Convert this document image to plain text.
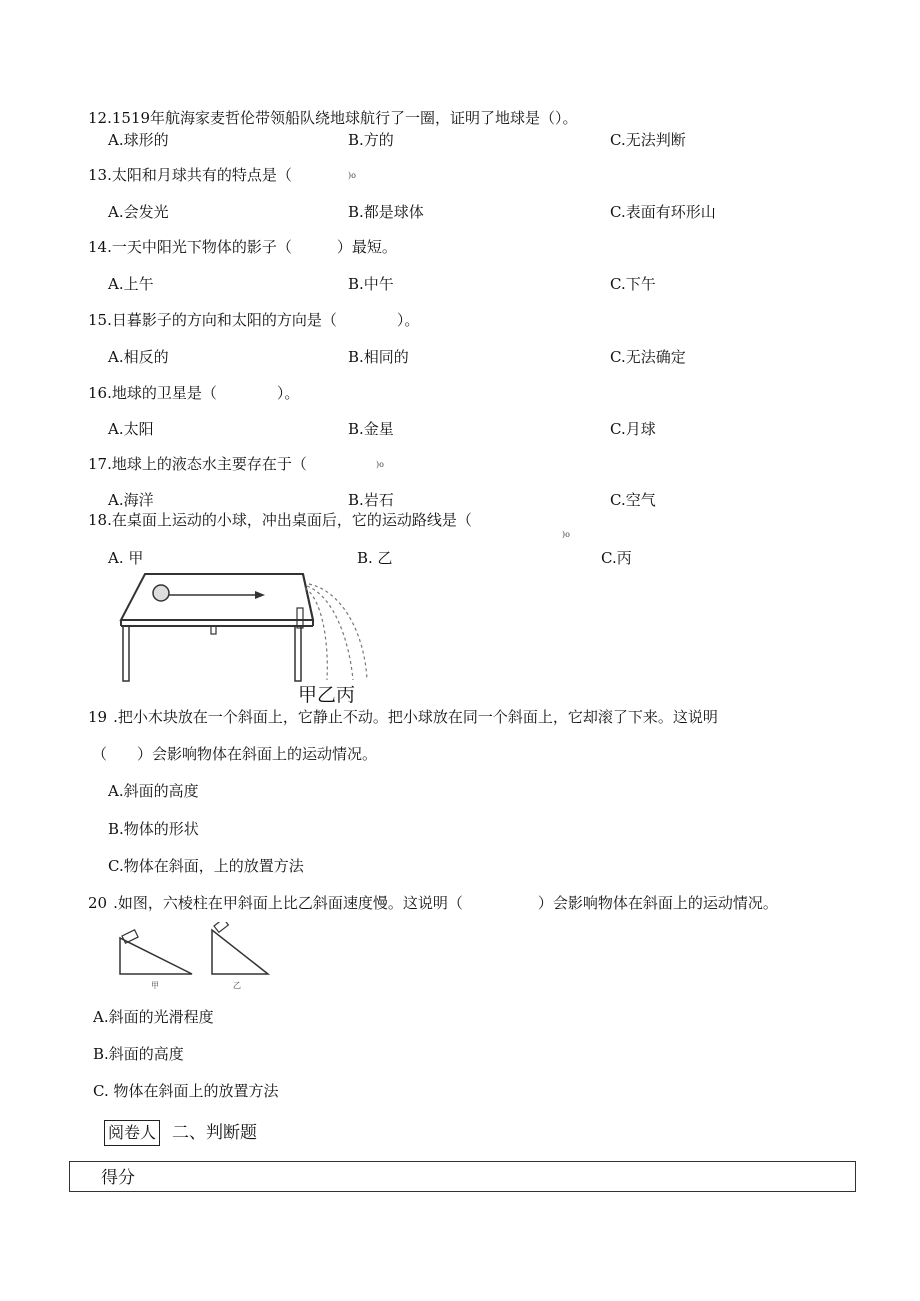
12.1519年航海家麦哲伦带领船队绕地球航行了一圈，证明了地球是（）。
A.球形的	B.方的	C.无法判断
13.太阳和月球共有的特点是（	)o
A.会发光	B.都是球体	C.表面有环形山
14.一天中阳光下物体的影子（　　　）最短。
A.上午	B.中午	C.下午
15.日暮影子的方向和太阳的方向是（　　　　）。
A.相反的	B.相同的	C.无法确定
16.地球的卫星是（　　　　）。
A.太阳	B.金星	C.月球
17.地球上的液态水主要存在于（	)o
A.海洋	B.岩石	C.空气
18.在桌面上运动的小球，冲出桌面后，它的运动路线是（
)o
A. 甲	B. 乙	C.丙
甲乙丙
19 .把小木块放在一个斜面上，它静止不动。把小球放在同一个斜面上，它却滚了下来。这说明
（　　）会影响物体在斜面上的运动情况。
A.斜面的高度
B.物体的形状
C.物体在斜面，上的放置方法
20 .如图，六棱柱在甲斜面上比乙斜面速度慢。这说明（　　　　　）会影响物体在斜面上的运动情况。
甲	乙
A.斜面的光滑程度
B.斜面的高度
C. 物体在斜面上的放置方法
阅卷人 二、判断题
得分
